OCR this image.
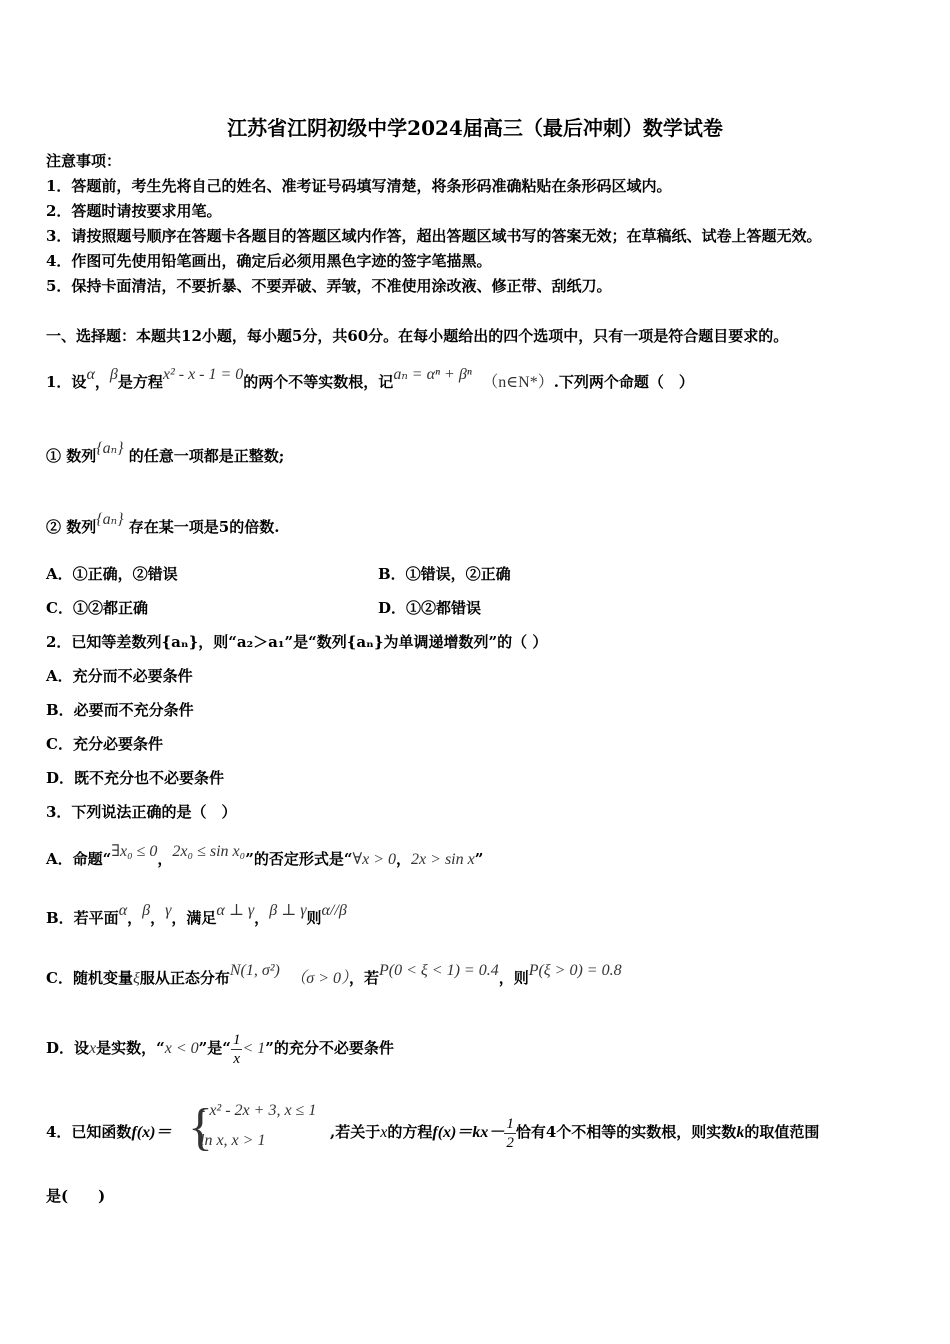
江苏省江阴初级中学2024届高三（最后冲刺）数学试卷
注意事项：
1．答题前，考生先将自己的姓名、准考证号码填写清楚，将条形码准确粘贴在条形码区域内。
2．答题时请按要求用笔。
3．请按照题号顺序在答题卡各题目的答题区域内作答，超出答题区域书写的答案无效；在草稿纸、试卷上答题无效。
4．作图可先使用铅笔画出，确定后必须用黑色字迹的签字笔描黑。
5．保持卡面清洁，不要折暴、不要弄破、弄皱，不准使用涂改液、修正带、刮纸刀。
一、选择题：本题共12小题，每小题5分，共60分。在每小题给出的四个选项中，只有一项是符合题目要求的。
1．设α，β是方程x² - x - 1 = 0的两个不等实数根，记aₙ = αⁿ + βⁿ （n∈N*）.下列两个命题（　）
① 数列{aₙ} 的任意一项都是正整数;
② 数列{aₙ} 存在某一项是5的倍数.
A．①正确，②错误	B．①错误，②正确
C．①②都正确	D．①②都错误
2．已知等差数列{aₙ}，则“a₂＞a₁”是“数列{aₙ}为单调递增数列”的（ ）
A．充分而不必要条件
B．必要而不充分条件
C．充分必要条件
D．既不充分也不必要条件
3．下列说法正确的是（　）
A．命题“∃x₀ ≤ 0，2x₀ ≤ sin x₀”的否定形式是“∀x > 0，2x > sin x”
B．若平面α，β，γ，满足α ⊥ γ，β ⊥ γ则α//β
C．随机变量ξ服从正态分布N(1, σ²) （σ > 0），若P(0 < ξ < 1) = 0.4，则P(ξ > 0) = 0.8
D．设x是实数，“x < 0”是“ $\frac{1}{x} < 1$”的充分不必要条件
4．已知函数f(x)＝ {
- x² - 2x + 3, x ≤ 1
ln x, x > 1	,若关于x的方程$f(x)=kx- \frac{1}{2}$ 恰有4个不相等的实数根，则实数k的取值范围
是(　　)
